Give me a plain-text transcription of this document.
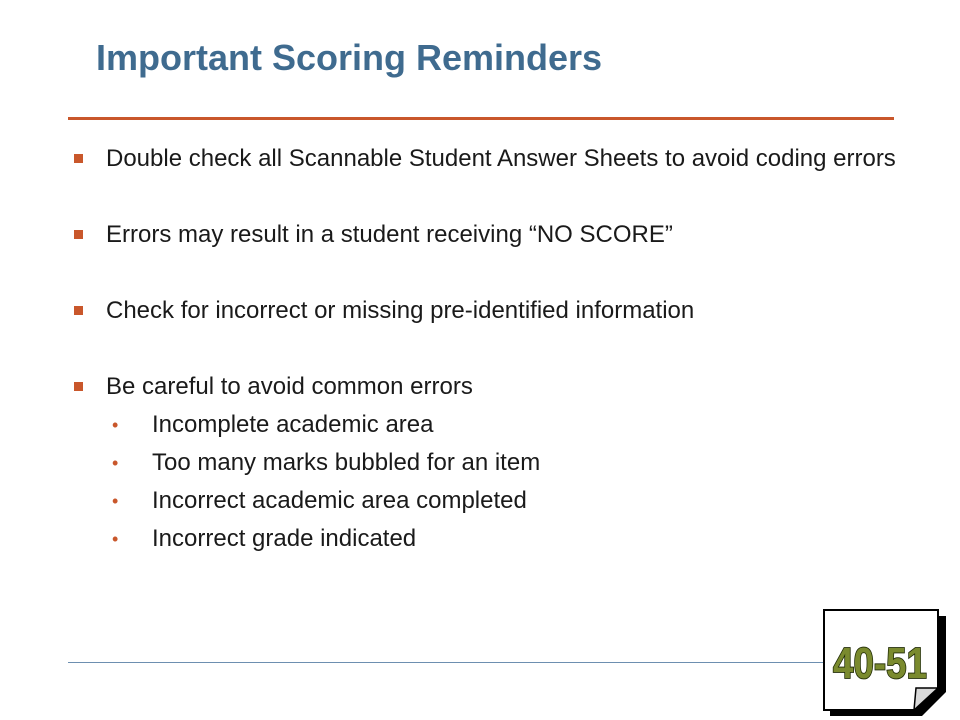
Important Scoring Reminders
Double check all Scannable Student Answer Sheets to avoid coding errors
Errors may result in a student receiving “NO SCORE”
Check for incorrect or missing pre-identified information
Be careful to avoid common errors
• Incomplete academic area
• Too many marks bubbled for an item
• Incorrect academic area completed
• Incorrect grade indicated
40-51
